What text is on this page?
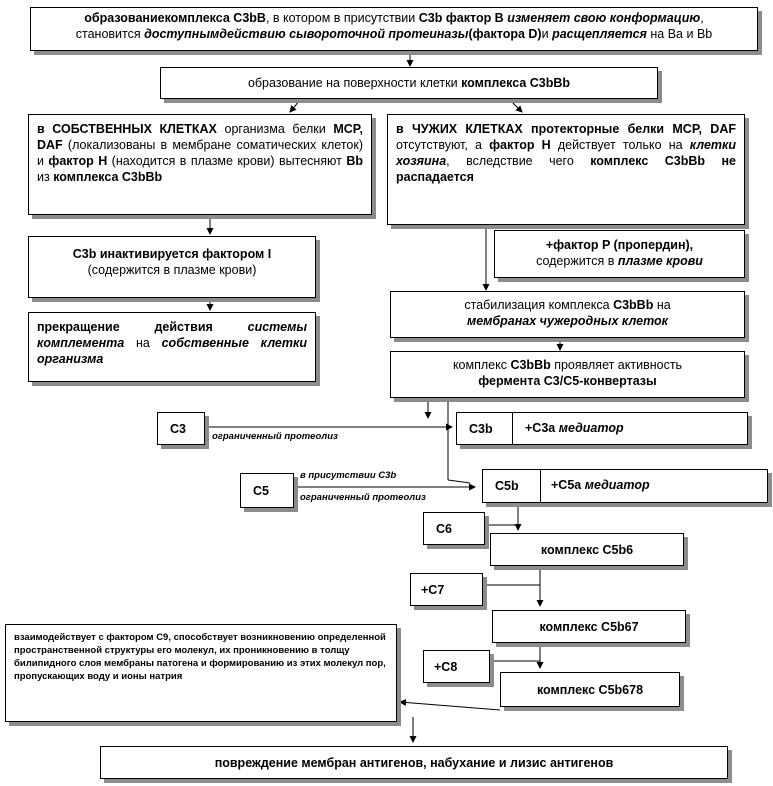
образованиекомплекса C3bB, в котором в присутствии C3b фактор B изменяет свою конформацию,
становится доступнымдействию сывороточной протеиназы(фактора D)и расщепляется на Ba и Bb
образование на поверхности клетки комплекса C3bBb
в СОБСТВЕННЫХ КЛЕТКАХ организма белки MCP, DAF (локализованы в мембране соматических клеток) и фактор H (находится в плазме крови) вытесняют Bb из комплекса C3bBb
в ЧУЖИХ КЛЕТКАХ протекторные белки MCP, DAF отсутствуют, а фактор H действует только на клетки хозяина, вследствие чего комплекс C3bBb не распадается
C3b инактивируется фактором I
(содержится в плазме крови)
+фактор P (пропердин),
содержится в плазме крови
прекращение действия системы комплемента на собственные клетки организма
стабилизация комплекса C3bBb на
мембранах чужеродных клеток
комплекс C3bBb проявляет активность
фермента C3/C5-конвертазы
C3
ограниченный протеолиз
C3b	+C3a медиатор
C5
в присутствии C3b
ограниченный протеолиз
C5b	+C5a медиатор
C6
комплекс C5b6
+C7
комплекс C5b67
взаимодействует с фактором C9, способствует возникновению определенной пространственной структуры его молекул, их проникновению в толщу билипидного слоя мембраны патогена и формированию из этих молекул пор, пропускающих воду и ионы натрия
+C8
комплекс C5b678
повреждение мембран антигенов, набухание и лизис антигенов
